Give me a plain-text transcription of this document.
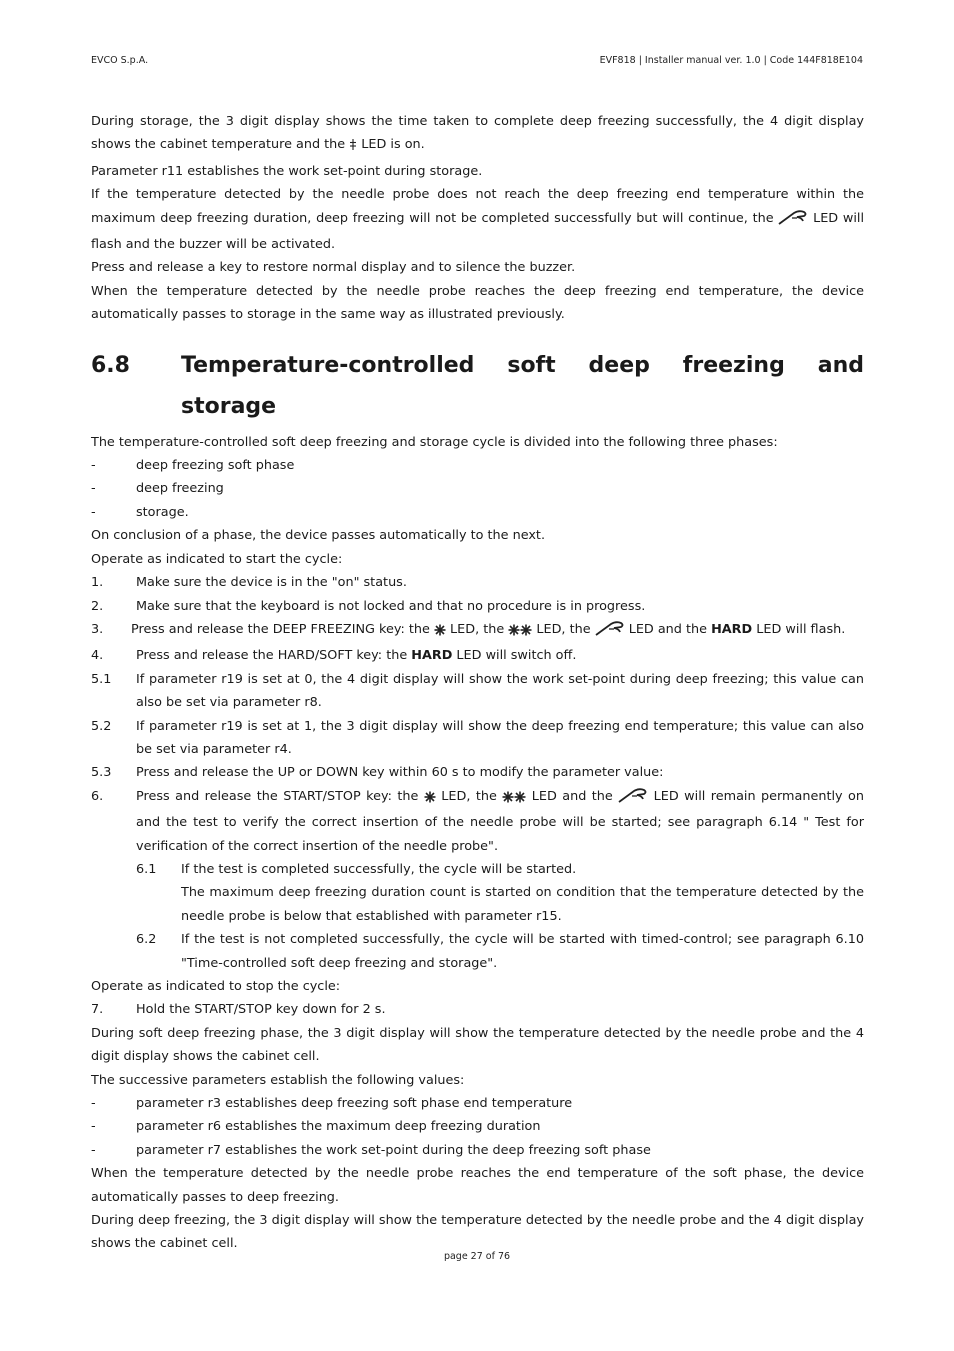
EVCO S.p.A.	EVF818 | Installer manual ver. 1.0 | Code 144F818E104

During storage, the 3 digit display shows the time taken to complete deep freezing successfully, the 4 digit display shows the cabinet temperature and the  LED is on.

Parameter r11 establishes the work set-point during storage.

If the temperature detected by the needle probe does not reach the deep freezing end temperature within the maximum deep freezing duration, deep freezing will not be completed successfully but will continue, the  LED will flash and the buzzer will be activated.

Press and release a key to restore normal display and to silence the buzzer.

When the temperature detected by the needle probe reaches the deep freezing end temperature, the device automatically passes to storage in the same way as illustrated previously.

6.8	Temperature-controlled soft deep freezing and
storage

The temperature-controlled soft deep freezing and storage cycle is divided into the following three phases:

-	deep freezing soft phase
-	deep freezing
-	storage.

On conclusion of a phase, the device passes automatically to the next.

Operate as indicated to start the cycle:

1.	Make sure the device is in the "on" status.
2.	Make sure that the keyboard is not locked and that no procedure is in progress.
3.	Press and release the DEEP FREEZING key: the  LED, the  LED, the  LED and the HARD LED will flash.
4.	Press and release the HARD/SOFT key: the HARD LED will switch off.
5.1	If parameter r19 is set at 0, the 4 digit display will show the work set-point during deep freezing; this value can also be set via parameter r8.
5.2	If parameter r19 is set at 1, the 3 digit display will show the deep freezing end temperature; this value can also be set via parameter r4.
5.3	Press and release the UP or DOWN key within 60 s to modify the parameter value:
6.	Press and release the START/STOP key: the  LED, the  LED and the  LED will remain permanently on and the test to verify the correct insertion of the needle probe will be started; see paragraph 6.14 " Test for verification of the correct insertion of the needle probe".
6.1	If the test is completed successfully, the cycle will be started.
The maximum deep freezing duration count is started on condition that the temperature detected by the needle probe is below that established with parameter r15.
6.2	If the test is not completed successfully, the cycle will be started with timed-control; see paragraph 6.10 "Time-controlled soft deep freezing and storage".

Operate as indicated to stop the cycle:

7.	Hold the START/STOP key down for 2 s.

During soft deep freezing phase, the 3 digit display will show the temperature detected by the needle probe and the 4 digit display shows the cabinet cell.

The successive parameters establish the following values:

-	parameter r3 establishes deep freezing soft phase end temperature
-	parameter r6 establishes the maximum deep freezing duration
-	parameter r7 establishes the work set-point during the deep freezing soft phase

When the temperature detected by the needle probe reaches the end temperature of the soft phase, the device automatically passes to deep freezing.

During deep freezing, the 3 digit display will show the temperature detected by the needle probe and the 4 digit display shows the cabinet cell.

page 27 of 76
